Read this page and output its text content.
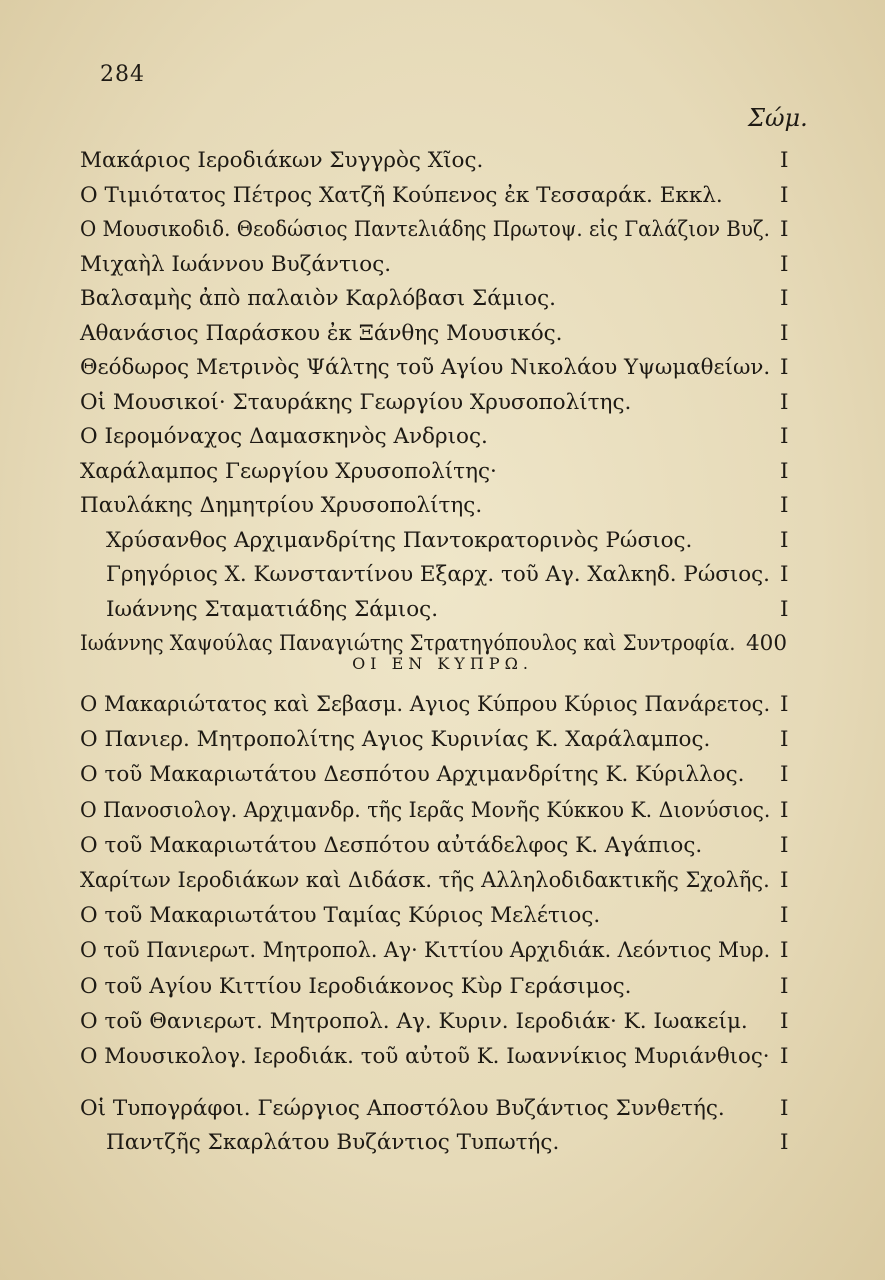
284
Σώμ.
Μακάριος Ιεροδιάκων Συγγρὸς Χῖος.	I
Ο Τιμιότατος Πέτρος Χατζῆ Κούπενος ἐκ Τεσσαράκ. Εκκλ.	I
Ο Μουσικοδιδ. Θεοδώσιος Παντελιάδης Πρωτοψ. εἰς Γαλάζιον Βυζ. I
Μιχαὴλ Ιωάννου Βυζάντιος.	I
Βαλσαμὴς ἀπὸ παλαιὸν Καρλόβασι Σάμιος.	I
Αθανάσιος Παράσκου ἐκ Ξάνθης Μουσικός.	I
Θεόδωρος Μετρινὸς Ψάλτης τοῦ Αγίου Νικολάου Υψωμαθείων. I
Οἱ Μουσικοί· Σταυράκης Γεωργίου Χρυσοπολίτης.	I
Ο Ιερομόναχος Δαμασκηνὸς Ανδριος.	I
Χαράλαμπος Γεωργίου Χρυσοπολίτης·	I
Παυλάκης Δημητρίου Χρυσοπολίτης.	I
Χρύσανθος Αρχιμανδρίτης Παντοκρατορινὸς Ρώσιος.	I
Γρηγόριος Χ. Κωνσταντίνου Εξαρχ. τοῦ Αγ. Χαλκηδ. Ρώσιος. I
Ιωάννης Σταματιάδης Σάμιος.	I
Ιωάννης Χαψούλας Παναγιώτης Στρατηγόπουλος καὶ Συντροφία. 400
ΟΙ ΕΝ ΚΥΠΡΩ.
Ο Μακαριώτατος καὶ Σεβασμ. Αγιος Κύπρου Κύριος Πανάρετος. I
Ο Πανιερ. Μητροπολίτης Αγιος Κυρινίας Κ. Χαράλαμπος.	I
Ο τοῦ Μακαριωτάτου Δεσπότου Αρχιμανδρίτης Κ. Κύριλλος. I
Ο Πανοσιολογ. Αρχιμανδρ. τῆς Ιερᾶς Μονῆς Κύκκου Κ. Διονύσιος. I
Ο τοῦ Μακαριωτάτου Δεσπότου αὐτάδελφος Κ. Αγάπιος.	I
Χαρίτων Ιεροδιάκων καὶ Διδάσκ. τῆς Αλληλοδιδακτικῆς Σχολῆς. I
Ο τοῦ Μακαριωτάτου Ταμίας Κύριος Μελέτιος.	I
Ο τοῦ Πανιερωτ. Μητροπολ. Αγ· Κιττίου Αρχιδιάκ. Λεόντιος Μυρ. I
Ο τοῦ Αγίου Κιττίου Ιεροδιάκονος Κὺρ Γεράσιμος.	I
Ο τοῦ Θανιερωτ. Μητροπολ. Αγ. Κυριν. Ιεροδιάκ· Κ. Ιωακείμ. I
Ο Μουσικολογ. Ιεροδιάκ. τοῦ αὐτοῦ Κ. Ιωαννίκιος Μυριάνθιος· I
Οἱ Τυπογράφοι. Γεώργιος Αποστόλου Βυζάντιος Συνθετής.	I
Παντζῆς Σκαρλάτου Βυζάντιος Τυπωτής.	I
